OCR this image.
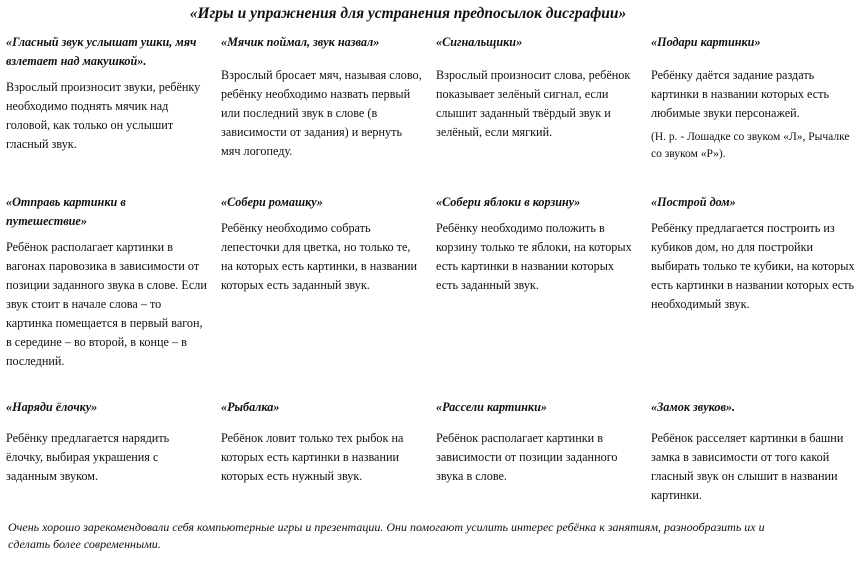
«Игры и упражнения для устранения предпосылок дисграфии»
«Гласный звук услышат ушки, мяч взлетает над макушкой».
Взрослый произносит звуки, ребёнку необходимо поднять мячик над головой, как только он услышит гласный звук.	«Мячик поймал, звук назвал»
Взрослый бросает мяч, называя слово, ребёнку необходимо назвать первый или последний звук в слове (в зависимости от задания) и вернуть мяч логопеду.	«Сигнальщики»
Взрослый произносит слова, ребёнок показывает зелёный сигнал, если слышит заданный твёрдый звук и зелёный, если мягкий.	«Подари картинки»
Ребёнку даётся задание раздать картинки в названии которых есть любимые звуки персонажей.
(Н. р. - Лошадке со звуком «Л», Рычалке со звуком «Р»).

«Отправь картинки в путешествие»
Ребёнок располагает картинки в вагонах паровозика в зависимости от позиции заданного звука в слове. Если звук стоит в начале слова – то картинка помещается в первый вагон, в середине – во второй, в конце – в последний.	«Собери ромашку»
Ребёнку необходимо собрать лепесточки для цветка, но только те, на которых есть картинки, в названии которых есть заданный звук.	«Собери яблоки в корзину»
Ребёнку необходимо положить в корзину только те яблоки, на которых есть картинки в названии которых есть заданный звук.	«Построй дом»
Ребёнку предлагается построить из кубиков дом, но для постройки выбирать только те кубики, на которых есть картинки в названии которых есть необходимый звук.

«Наряди ёлочку»
Ребёнку предлагается нарядить ёлочку, выбирая украшения с заданным звуком.	«Рыбалка»
Ребёнок ловит только тех рыбок на которых есть картинки в названии которых есть нужный звук.	«Рассели картинки»
Ребёнок располагает картинки в зависимости от позиции заданного звука в слове.	«Замок звуков».
Ребёнок расселяет картинки в башни замка в зависимости от того какой гласный звук он слышит в названии картинки.

Очень хорошо зарекомендовали себя компьютерные игры и презентации. Они помогают усилить интерес ребёнка к занятиям, разнообразить их и сделать более современными.
